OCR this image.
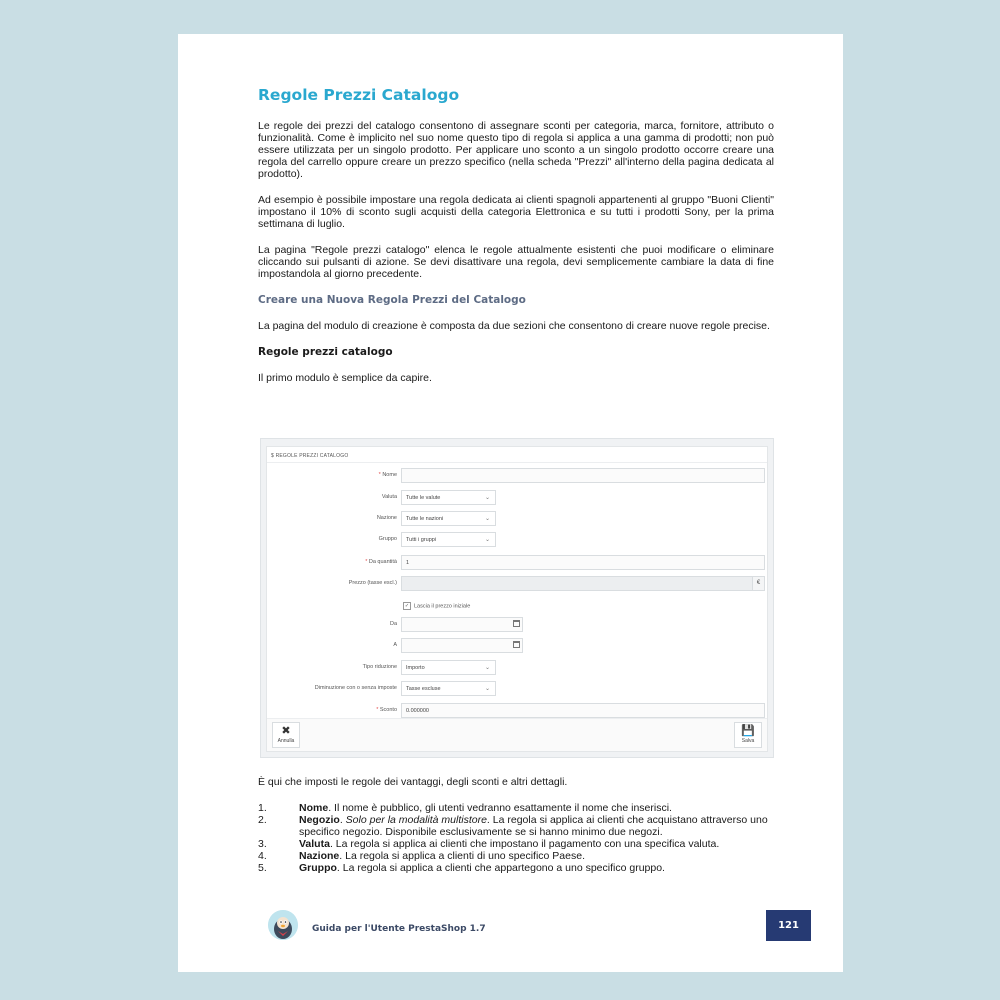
Regole Prezzi Catalogo

Le regole dei prezzi del catalogo consentono di assegnare sconti per categoria, marca, fornitore, attributo o funzionalità. Come è implicito nel suo nome questo tipo di regola si applica a una gamma di prodotti; non può essere utilizzata per un singolo prodotto. Per applicare uno sconto a un singolo prodotto occorre creare una regola del carrello oppure creare un prezzo specifico (nella scheda "Prezzi" all'interno della pagina dedicata al prodotto).

Ad esempio è possibile impostare una regola dedicata ai clienti spagnoli appartenenti al gruppo "Buoni Clienti" impostano il 10% di sconto sugli acquisti della categoria Elettronica e su tutti i prodotti Sony, per la prima settimana di luglio.

La pagina "Regole prezzi catalogo" elenca le regole attualmente esistenti che puoi modificare o eliminare cliccando sui pulsanti di azione. Se devi disattivare una regola, devi semplicemente cambiare la data di fine impostandola al giorno precedente.

Creare una Nuova Regola Prezzi del Catalogo

La pagina del modulo di creazione è composta da due sezioni che consentono di creare nuove regole precise.

Regole prezzi catalogo

Il primo modulo è semplice da capire.

$ REGOLE PREZZI CATALOGO
* Nome
Valuta	Tutte le valute	⌄
Nazione	Tutte le nazioni	⌄
Gruppo	Tutti i gruppi	⌄
* Da quantità	1
Prezzo (tasse escl.)	€
✓ Lascia il prezzo iniziale
Da
A
Tipo riduzione	Importo	⌄
Diminuzione con o senza imposte	Tasse escluse	⌄
* Sconto	0.000000
✖
Annulla
💾
Salva

È qui che imposti le regole dei vantaggi, degli sconti e altri dettagli.

1.	Nome. Il nome è pubblico, gli utenti vedranno esattamente il nome che inserisci.
2.	Negozio. Solo per la modalità multistore. La regola si applica ai clienti che acquistano attraverso uno specifico negozio. Disponibile esclusivamente se si hanno minimo due negozi.
3.	Valuta. La regola si applica ai clienti che impostano il pagamento con una specifica valuta.
4.	Nazione. La regola si applica a clienti di uno specifico Paese.
5.	Gruppo. La regola si applica a clienti che appartegono a uno specifico gruppo.
Guida per l'Utente PrestaShop 1.7	121
